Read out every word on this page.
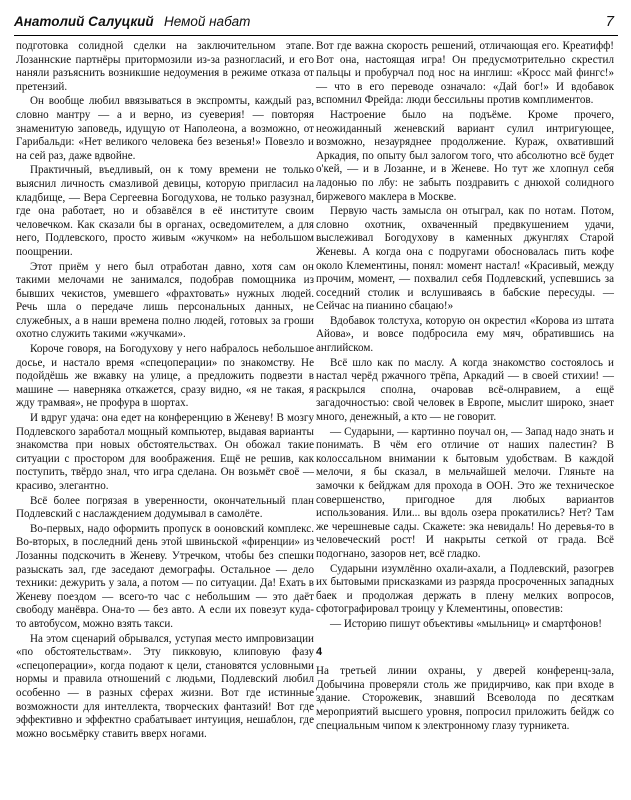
Анатолий Салуцкий Немой набат	7

подготовка солидной сделки на заключительном этапе. Лозаннские партнёры притормозили из-за разногласий, и его наняли разъяснить возникшие недоумения в режиме отказа от претензий.

Он вообще любил ввязываться в экспромты, каждый раз, словно мантру — а и верно, из суеверия! — повторяя знаменитую заповедь, идущую от Наполеона, а возможно, от Гарибальди: «Нет великого человека без везенья!» Повезло и на сей раз, даже вдвойне.

Практичный, въедливый, он к тому времени не только выяснил личность смазливой девицы, которую пригласил на кладбище, — Вера Сергеевна Богодухова, не только разузнал, где она работает, но и обзавёлся в её институте своим человечком. Как сказали бы в органах, осведомителем, а для него, Подлевского, просто живым «жучком» на небольшом поощрении.

Этот приём у него был отработан давно, хотя сам он такими мелочами не занимался, подобрав помощника из бывших чекистов, умевшего «фрахтовать» нужных людей. Речь шла о передаче лишь персональных данных, не служебных, а в наши времена полно людей, готовых за гроши охотно служить такими «жучками».

Короче говоря, на Богодухову у него набралось небольшое досье, и настало время «спецоперации» по знакомству. Не подойдёшь же вжавку на улице, а предложить подвезти в машине — наверняка откажется, сразу видно, «я не такая, я жду трамвая», не профура в шортах.

И вдруг удача: она едет на конференцию в Женеву! В мозгу Подлевского заработал мощный компьютер, выдавая варианты знакомства при новых обстоятельствах. Он обожал такие ситуации с простором для воображения. Ещё не решив, как поступить, твёрдо знал, что игра сделана. Он возьмёт своё — красиво, элегантно.

Всё более погрязая в уверенности, окончательный план Подлевский с наслаждением додумывал в самолёте.

Во-первых, надо оформить пропуск в ооновский комплекс. Во-вторых, в последний день этой швиньской «фиренции» из Лозанны подскочить в Женеву. Утречком, чтобы без спешки разыскать зал, где заседают демографы. Остальное — дело техники: дежурить у зала, а потом — по ситуации. Да! Ехать в Женеву поездом — всего-то час с небольшим — это даёт свободу манёвра. Она-то — без авто. А если их повезут куда-то автобусом, можно взять такси.

На этом сценарий обрывался, уступая место импровизации «по обстоятельствам». Эту пикковую, клиповую фазу «спецоперации», когда подают к цели, становятся условными нормы и правила отношений с людьми, Подлевский любил особенно — в разных сферах жизни. Вот где истинные возможности для интеллекта, творческих фантазий! Вот где эффективно и эффектно срабатывает интуиция, нешаблон, где можно восьмёрку ставить вверх ногами.

Вот где важна скорость решений, отличающая его. Креатифф! Вот она, настоящая игра! Он предусмотрительно скрестил пальцы и пробурчал под нос на инглиш: «Кросс май фингс!» — что в его переводе означало: «Дай бог!» И вдобавок вспомнил Фрейда: люди бессильны против комплиментов.

Настроение было на подъёме. Кроме прочего, неожиданный женевский вариант сулил интригующее, возможно, незауряднее продолжение. Кураж, охвативший Аркадия, по опыту был залогом того, что абсолютно всё будет о'кей, — и в Лозанне, и в Женеве. Но тут же хлопнул себя ладонью по лбу: не забыть поздравить с днюхой солидного биржевого маклера в Москве.

Первую часть замысла он отыграл, как по нотам. Потом, словно охотник, охваченный предвкушением удачи, выслеживал Богодухову в каменных джунглях Старой Женевы. А когда она с подругами обосновалась пить кофе около Клементины, понял: момент настал! «Красивый, между прочим, момент, — похвалил себя Подлевский, успевшись за соседний столик и вслушиваясь в бабские пересуды. — Сейчас на пианино сбацаю!»

Вдобавок толстуха, которую он окрестил «Корова из штата Айова», и вовсе подбросила ему мяч, обратившись на английском.

Всё шло как по маслу. А когда знакомство состоялось и настал черёд ржачного трёпа, Аркадий — в своей стихии! — раскрылся сполна, очаровав всё-олнравием, а ещё загадочностью: свой человек в Европе, мыслит широко, знает много, денежный, а кто — не говорит.

— Сударыни, — картинно поучал он, — Запад надо знать и понимать. В чём его отличие от наших палестин? В колоссальном внимании к бытовым удобствам. В каждой мелочи, я бы сказал, в мельчайшей мелочи. Гляньте на замочки к бейджам для прохода в ООН. Это же техническое совершенство, пригодное для любых вариантов использования. Или... вы вдоль озера прокатились? Нет? Там же черешневые сады. Скажете: эка невидаль! Но деревья-то в человеческий рост! И накрыты сеткой от града. Всё подогнано, зазоров нет, всё гладко.

Сударыни изумлённо охали-ахали, а Подлевский, разогрев их бытовыми присказками из разряда просроченных западных баек и продолжая держать в плену мелких вопросов, сфотографировал троицу у Клементины, оповестив:

— Историю пишут объективы «мыльниц» и смартфонов!

4

На третьей линии охраны, у дверей конференц-зала, Добычина проверяли столь же придирчиво, как при входе в здание. Сторожевик, знавший Всеволода по десяткам мероприятий высшего уровня, попросил приложить бейдж со специальным чипом к электронному глазу турникета.
